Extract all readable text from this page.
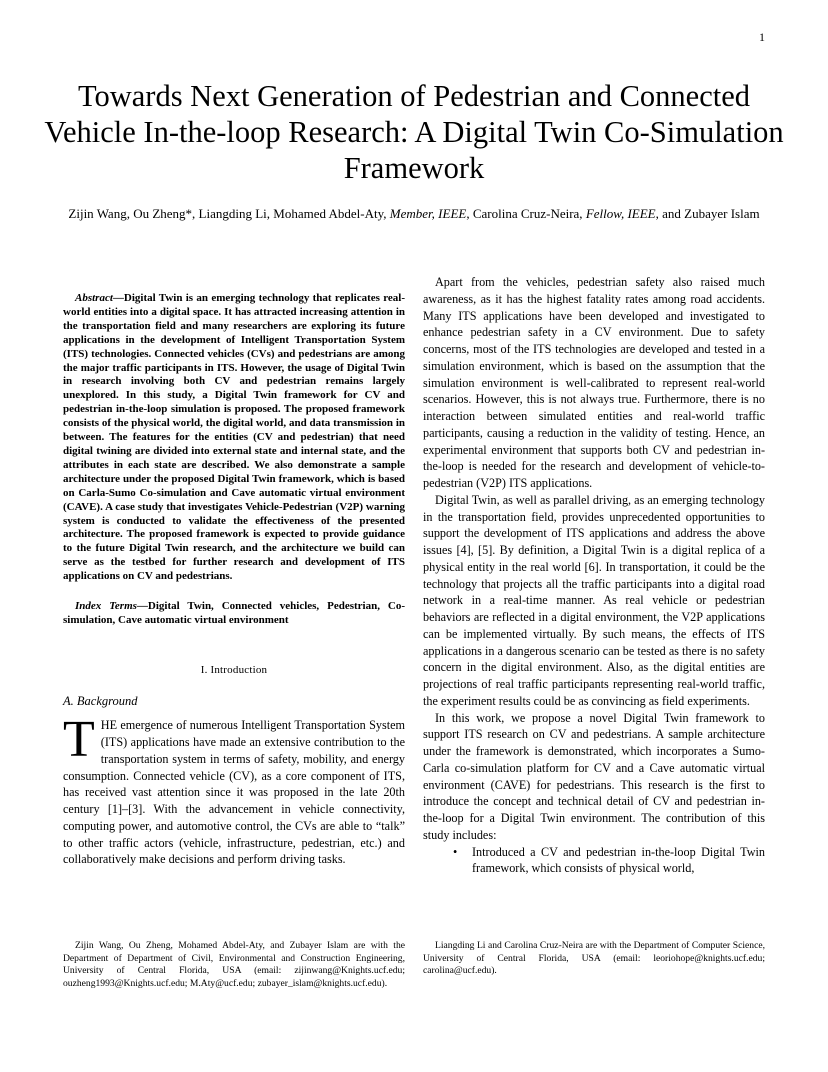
1
Towards Next Generation of Pedestrian and Connected Vehicle In-the-loop Research: A Digital Twin Co-Simulation Framework
Zijin Wang, Ou Zheng*, Liangding Li, Mohamed Abdel-Aty, Member, IEEE, Carolina Cruz-Neira, Fellow, IEEE, and Zubayer Islam

Abstract—Digital Twin is an emerging technology that replicates real-world entities into a digital space. It has attracted increasing attention in the transportation field and many researchers are exploring its future applications in the development of Intelligent Transportation System (ITS) technologies. Connected vehicles (CVs) and pedestrians are among the major traffic participants in ITS. However, the usage of Digital Twin in research involving both CV and pedestrian remains largely unexplored. In this study, a Digital Twin framework for CV and pedestrian in-the-loop simulation is proposed. The proposed framework consists of the physical world, the digital world, and data transmission in between. The features for the entities (CV and pedestrian) that need digital twining are divided into external state and internal state, and the attributes in each state are described. We also demonstrate a sample architecture under the proposed Digital Twin framework, which is based on Carla-Sumo Co-simulation and Cave automatic virtual environment (CAVE). A case study that investigates Vehicle-Pedestrian (V2P) warning system is conducted to validate the effectiveness of the presented architecture. The proposed framework is expected to provide guidance to the future Digital Twin research, and the architecture we build can serve as the testbed for further research and development of ITS applications on CV and pedestrians.

Index Terms—Digital Twin, Connected vehicles, Pedestrian, Co-simulation, Cave automatic virtual environment

I. Introduction
A. Background

THE emergence of numerous Intelligent Transportation System (ITS) applications have made an extensive contribution to the transportation system in terms of safety, mobility, and energy consumption. Connected vehicle (CV), as a core component of ITS, has received vast attention since it was proposed in the late 20th century [1]–[3]. With the advancement in vehicle connectivity, computing power, and automotive control, the CVs are able to “talk” to other traffic actors (vehicle, infrastructure, pedestrian, etc.) and collaboratively make decisions and perform driving tasks.

Apart from the vehicles, pedestrian safety also raised much awareness, as it has the highest fatality rates among road accidents. Many ITS applications have been developed and investigated to enhance pedestrian safety in a CV environment. Due to safety concerns, most of the ITS technologies are developed and tested in a simulation environment, which is based on the assumption that the simulation environment is well-calibrated to represent real-world scenarios. However, this is not always true. Furthermore, there is no interaction between simulated entities and real-world traffic participants, causing a reduction in the validity of testing. Hence, an experimental environment that supports both CV and pedestrian in-the-loop is needed for the research and development of vehicle-to-pedestrian (V2P) ITS applications.

Digital Twin, as well as parallel driving, as an emerging technology in the transportation field, provides unprecedented opportunities to support the development of ITS applications and address the above issues [4], [5]. By definition, a Digital Twin is a digital replica of a physical entity in the real world [6]. In transportation, it could be the technology that projects all the traffic participants into a digital road network in a real-time manner. As real vehicle or pedestrian behaviors are reflected in a digital environment, the V2P applications can be implemented virtually. By such means, the effects of ITS applications in a dangerous scenario can be tested as there is no safety concern in the digital environment. Also, as the digital entities are projections of real traffic participants representing real-world traffic, the experiment results could be as convincing as field experiments.

In this work, we propose a novel Digital Twin framework to support ITS research on CV and pedestrians. A sample architecture under the framework is demonstrated, which incorporates a Sumo-Carla co-simulation platform for CV and a Cave automatic virtual environment (CAVE) for pedestrians. This research is the first to introduce the concept and technical detail of CV and pedestrian in-the-loop for a Digital Twin environment. The contribution of this study includes:

• Introduced a CV and pedestrian in-the-loop Digital Twin framework, which consists of physical world,
Zijin Wang, Ou Zheng, Mohamed Abdel-Aty, and Zubayer Islam are with the Department of Department of Civil, Environmental and Construction Engineering, University of Central Florida, USA (email: zijinwang@Knights.ucf.edu; ouzheng1993@Knights.ucf.edu; M.Aty@ucf.edu; zubayer_islam@knights.ucf.edu).
Liangding Li and Carolina Cruz-Neira are with the Department of Computer Science, University of Central Florida, USA (email: leoriohope@knights.ucf.edu; carolina@ucf.edu).
